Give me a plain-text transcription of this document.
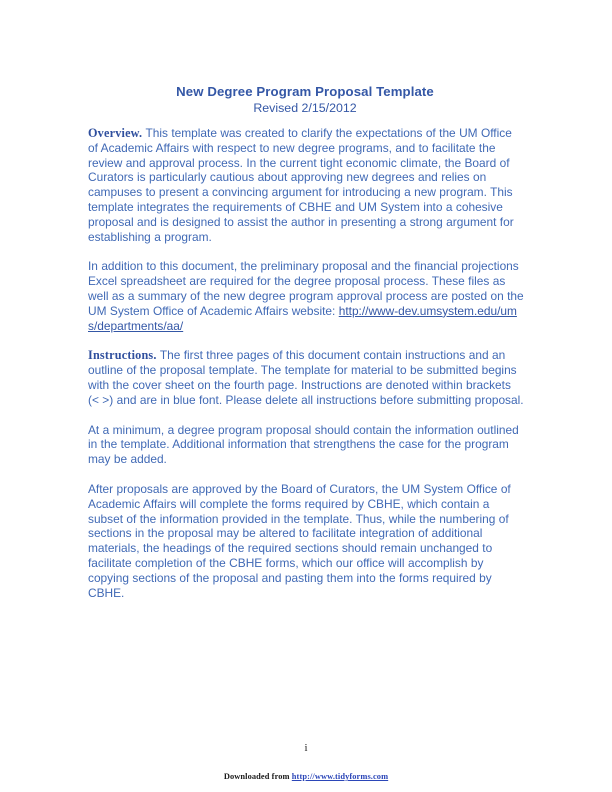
New Degree Program Proposal Template
Revised 2/15/2012

Overview. This template was created to clarify the expectations of the UM Office of Academic Affairs with respect to new degree programs, and to facilitate the review and approval process. In the current tight economic climate, the Board of Curators is particularly cautious about approving new degrees and relies on campuses to present a convincing argument for introducing a new program. This template integrates the requirements of CBHE and UM System into a cohesive proposal and is designed to assist the author in presenting a strong argument for establishing a program.

In addition to this document, the preliminary proposal and the financial projections Excel spreadsheet are required for the degree proposal process. These files as well as a summary of the new degree program approval process are posted on the UM System Office of Academic Affairs website: http://www-dev.umsystem.edu/ums/departments/aa/

Instructions. The first three pages of this document contain instructions and an outline of the proposal template. The template for material to be submitted begins with the cover sheet on the fourth page. Instructions are denoted within brackets (< >) and are in blue font. Please delete all instructions before submitting proposal.

At a minimum, a degree program proposal should contain the information outlined in the template. Additional information that strengthens the case for the program may be added.

After proposals are approved by the Board of Curators, the UM System Office of Academic Affairs will complete the forms required by CBHE, which contain a subset of the information provided in the template. Thus, while the numbering of sections in the proposal may be altered to facilitate integration of additional materials, the headings of the required sections should remain unchanged to facilitate completion of the CBHE forms, which our office will accomplish by copying sections of the proposal and pasting them into the forms required by CBHE.

i
Downloaded from http://www.tidyforms.com
